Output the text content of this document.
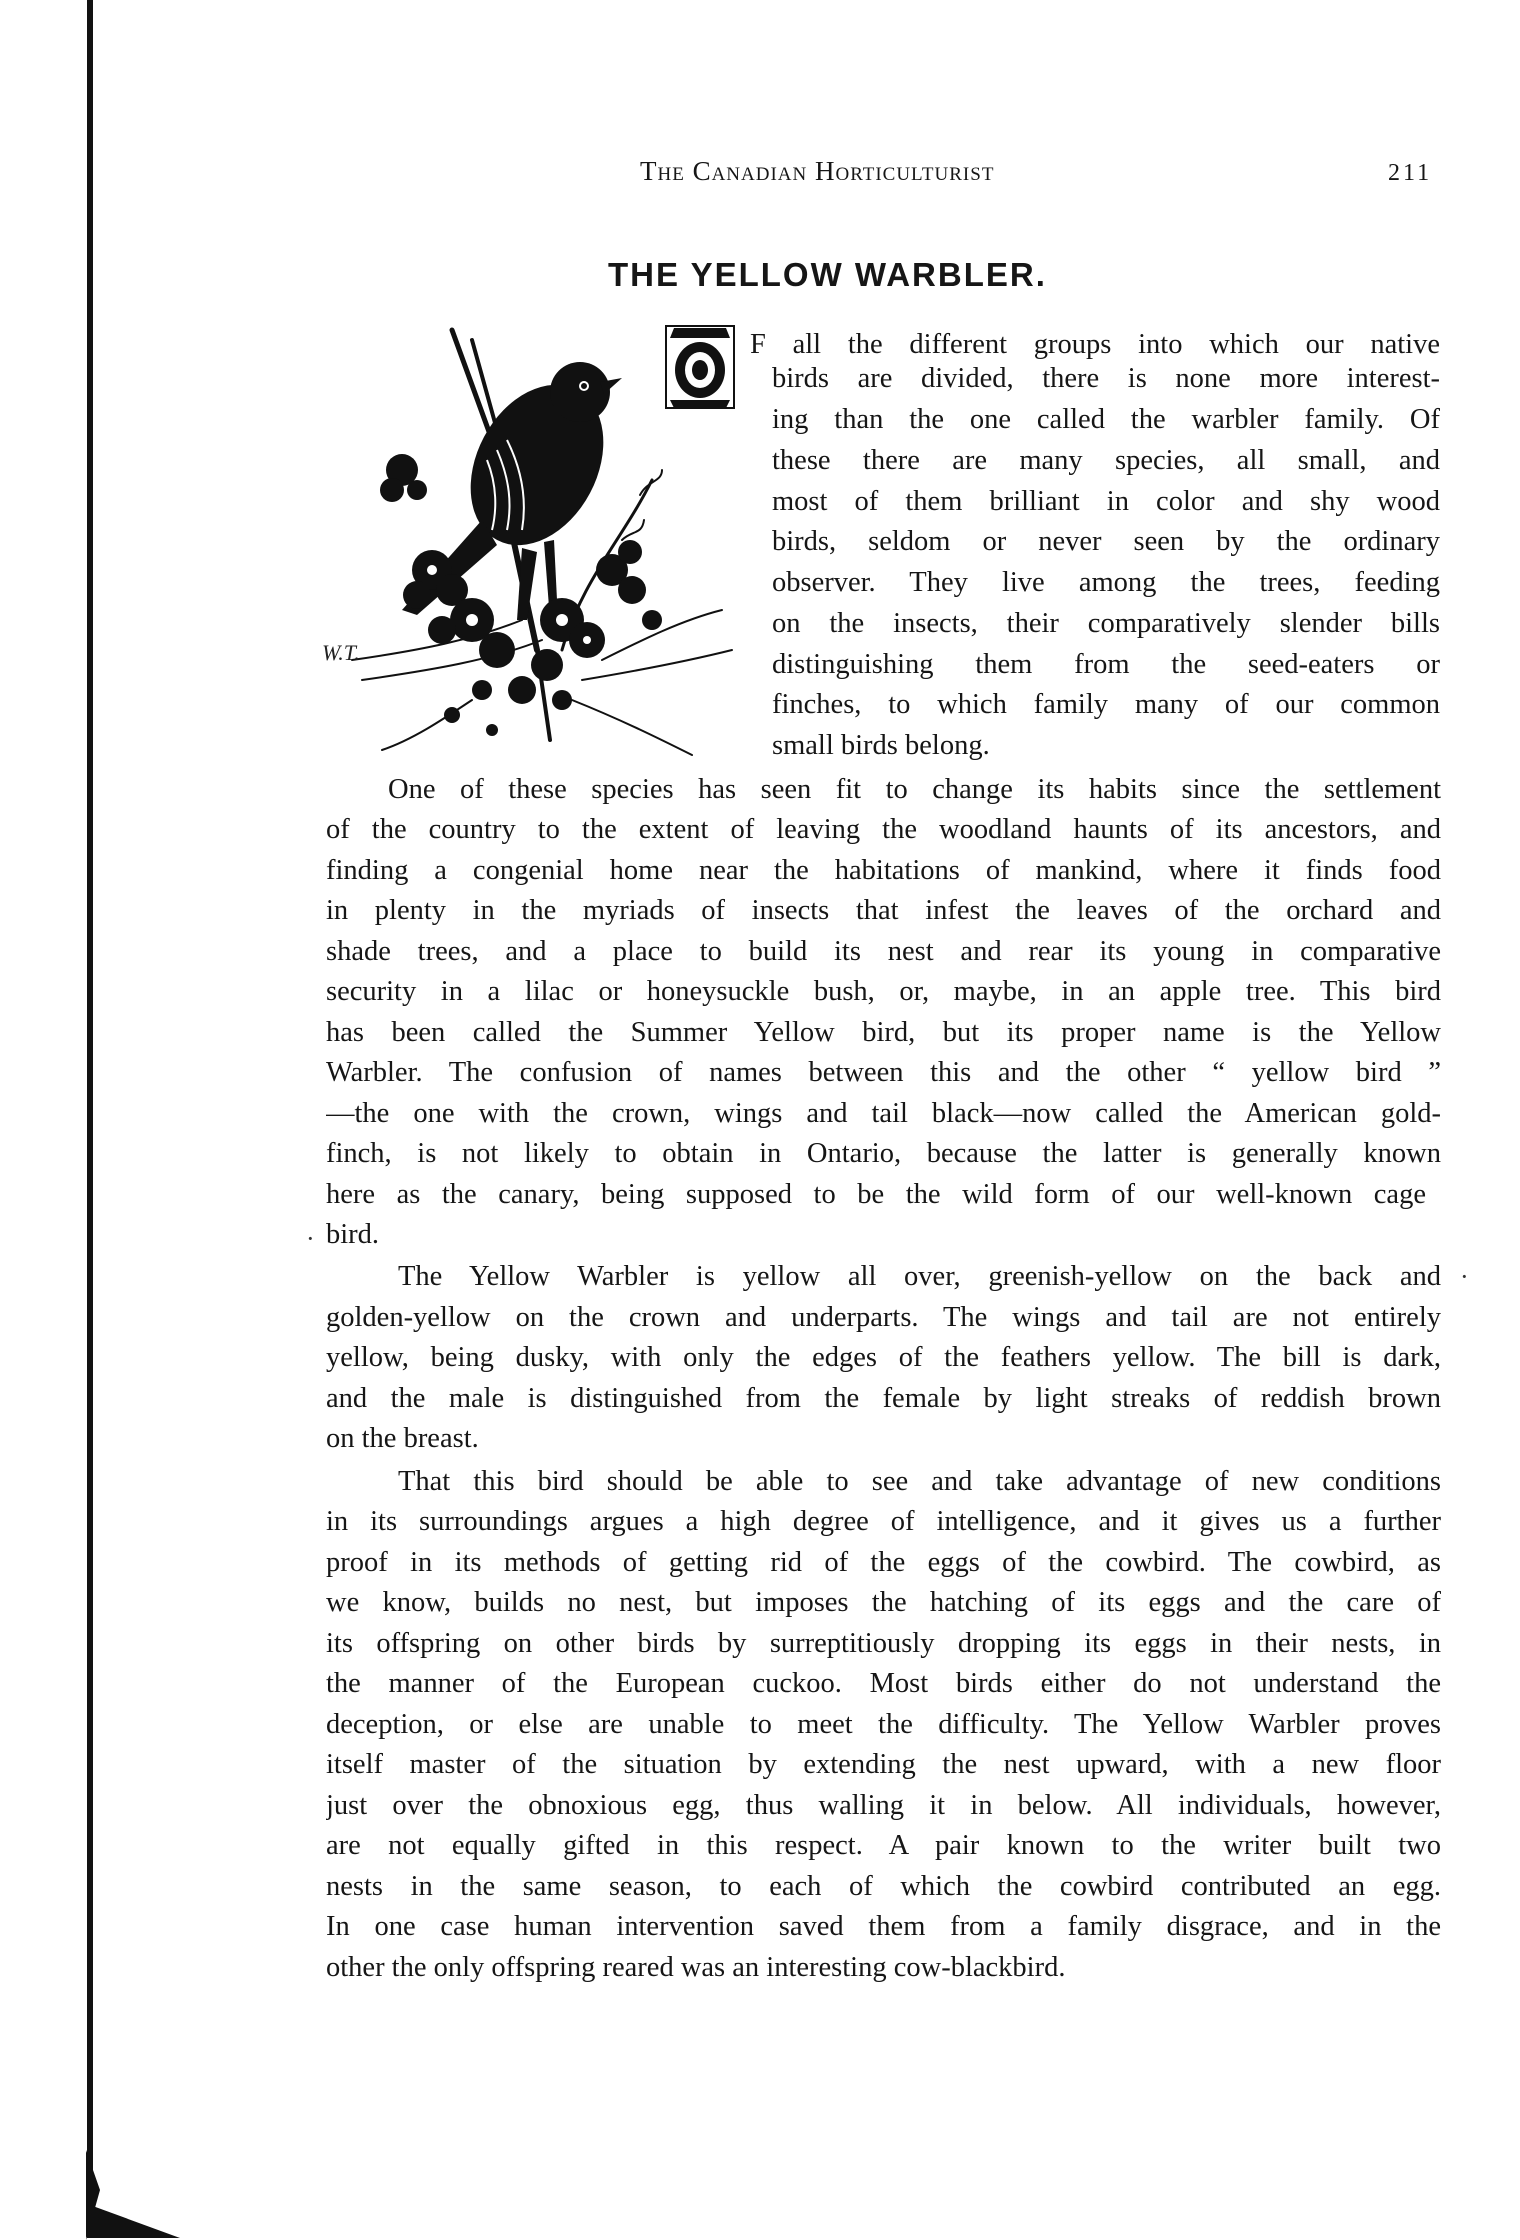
The Canadian Horticulturist	211
THE YELLOW WARBLER.
W.T.
F all the different groups into which our native
birds are divided, there is none more interest-
ing than the one called the warbler family. Of
these there are many species, all small, and
most of them brilliant in color and shy wood
birds, seldom or never seen by the ordinary
observer. They live among the trees, feeding
on the insects, their comparatively slender bills
distinguishing them from the seed-eaters or
finches, to which family many of our common
small birds belong.
One of these species has seen fit to change its habits since the settlement
of the country to the extent of leaving the woodland haunts of its ancestors, and
finding a congenial home near the habitations of mankind, where it finds food
in plenty in the myriads of insects that infest the leaves of the orchard and
shade trees, and a place to build its nest and rear its young in comparative
security in a lilac or honeysuckle bush, or, maybe, in an apple tree. This bird
has been called the Summer Yellow bird, but its proper name is the Yellow
Warbler. The confusion of names between this and the other “ yellow bird ”
—the one with the crown, wings and tail black—now called the American gold-
finch, is not likely to obtain in Ontario, because the latter is generally known
here as the canary, being supposed to be the wild form of our well-known cage
· bird.
The Yellow Warbler is yellow all over, greenish-yellow on the back and ·
golden-yellow on the crown and underparts. The wings and tail are not entirely
yellow, being dusky, with only the edges of the feathers yellow. The bill is dark,
and the male is distinguished from the female by light streaks of reddish brown
on the breast.
That this bird should be able to see and take advantage of new conditions
in its surroundings argues a high degree of intelligence, and it gives us a further
proof in its methods of getting rid of the eggs of the cowbird. The cowbird, as
we know, builds no nest, but imposes the hatching of its eggs and the care of
its offspring on other birds by surreptitiously dropping its eggs in their nests, in
the manner of the European cuckoo. Most birds either do not understand the
deception, or else are unable to meet the difficulty. The Yellow Warbler proves
itself master of the situation by extending the nest upward, with a new floor
just over the obnoxious egg, thus walling it in below. All individuals, however,
are not equally gifted in this respect. A pair known to the writer built two
nests in the same season, to each of which the cowbird contributed an egg.
In one case human intervention saved them from a family disgrace, and in the
other the only offspring reared was an interesting cow-blackbird.
